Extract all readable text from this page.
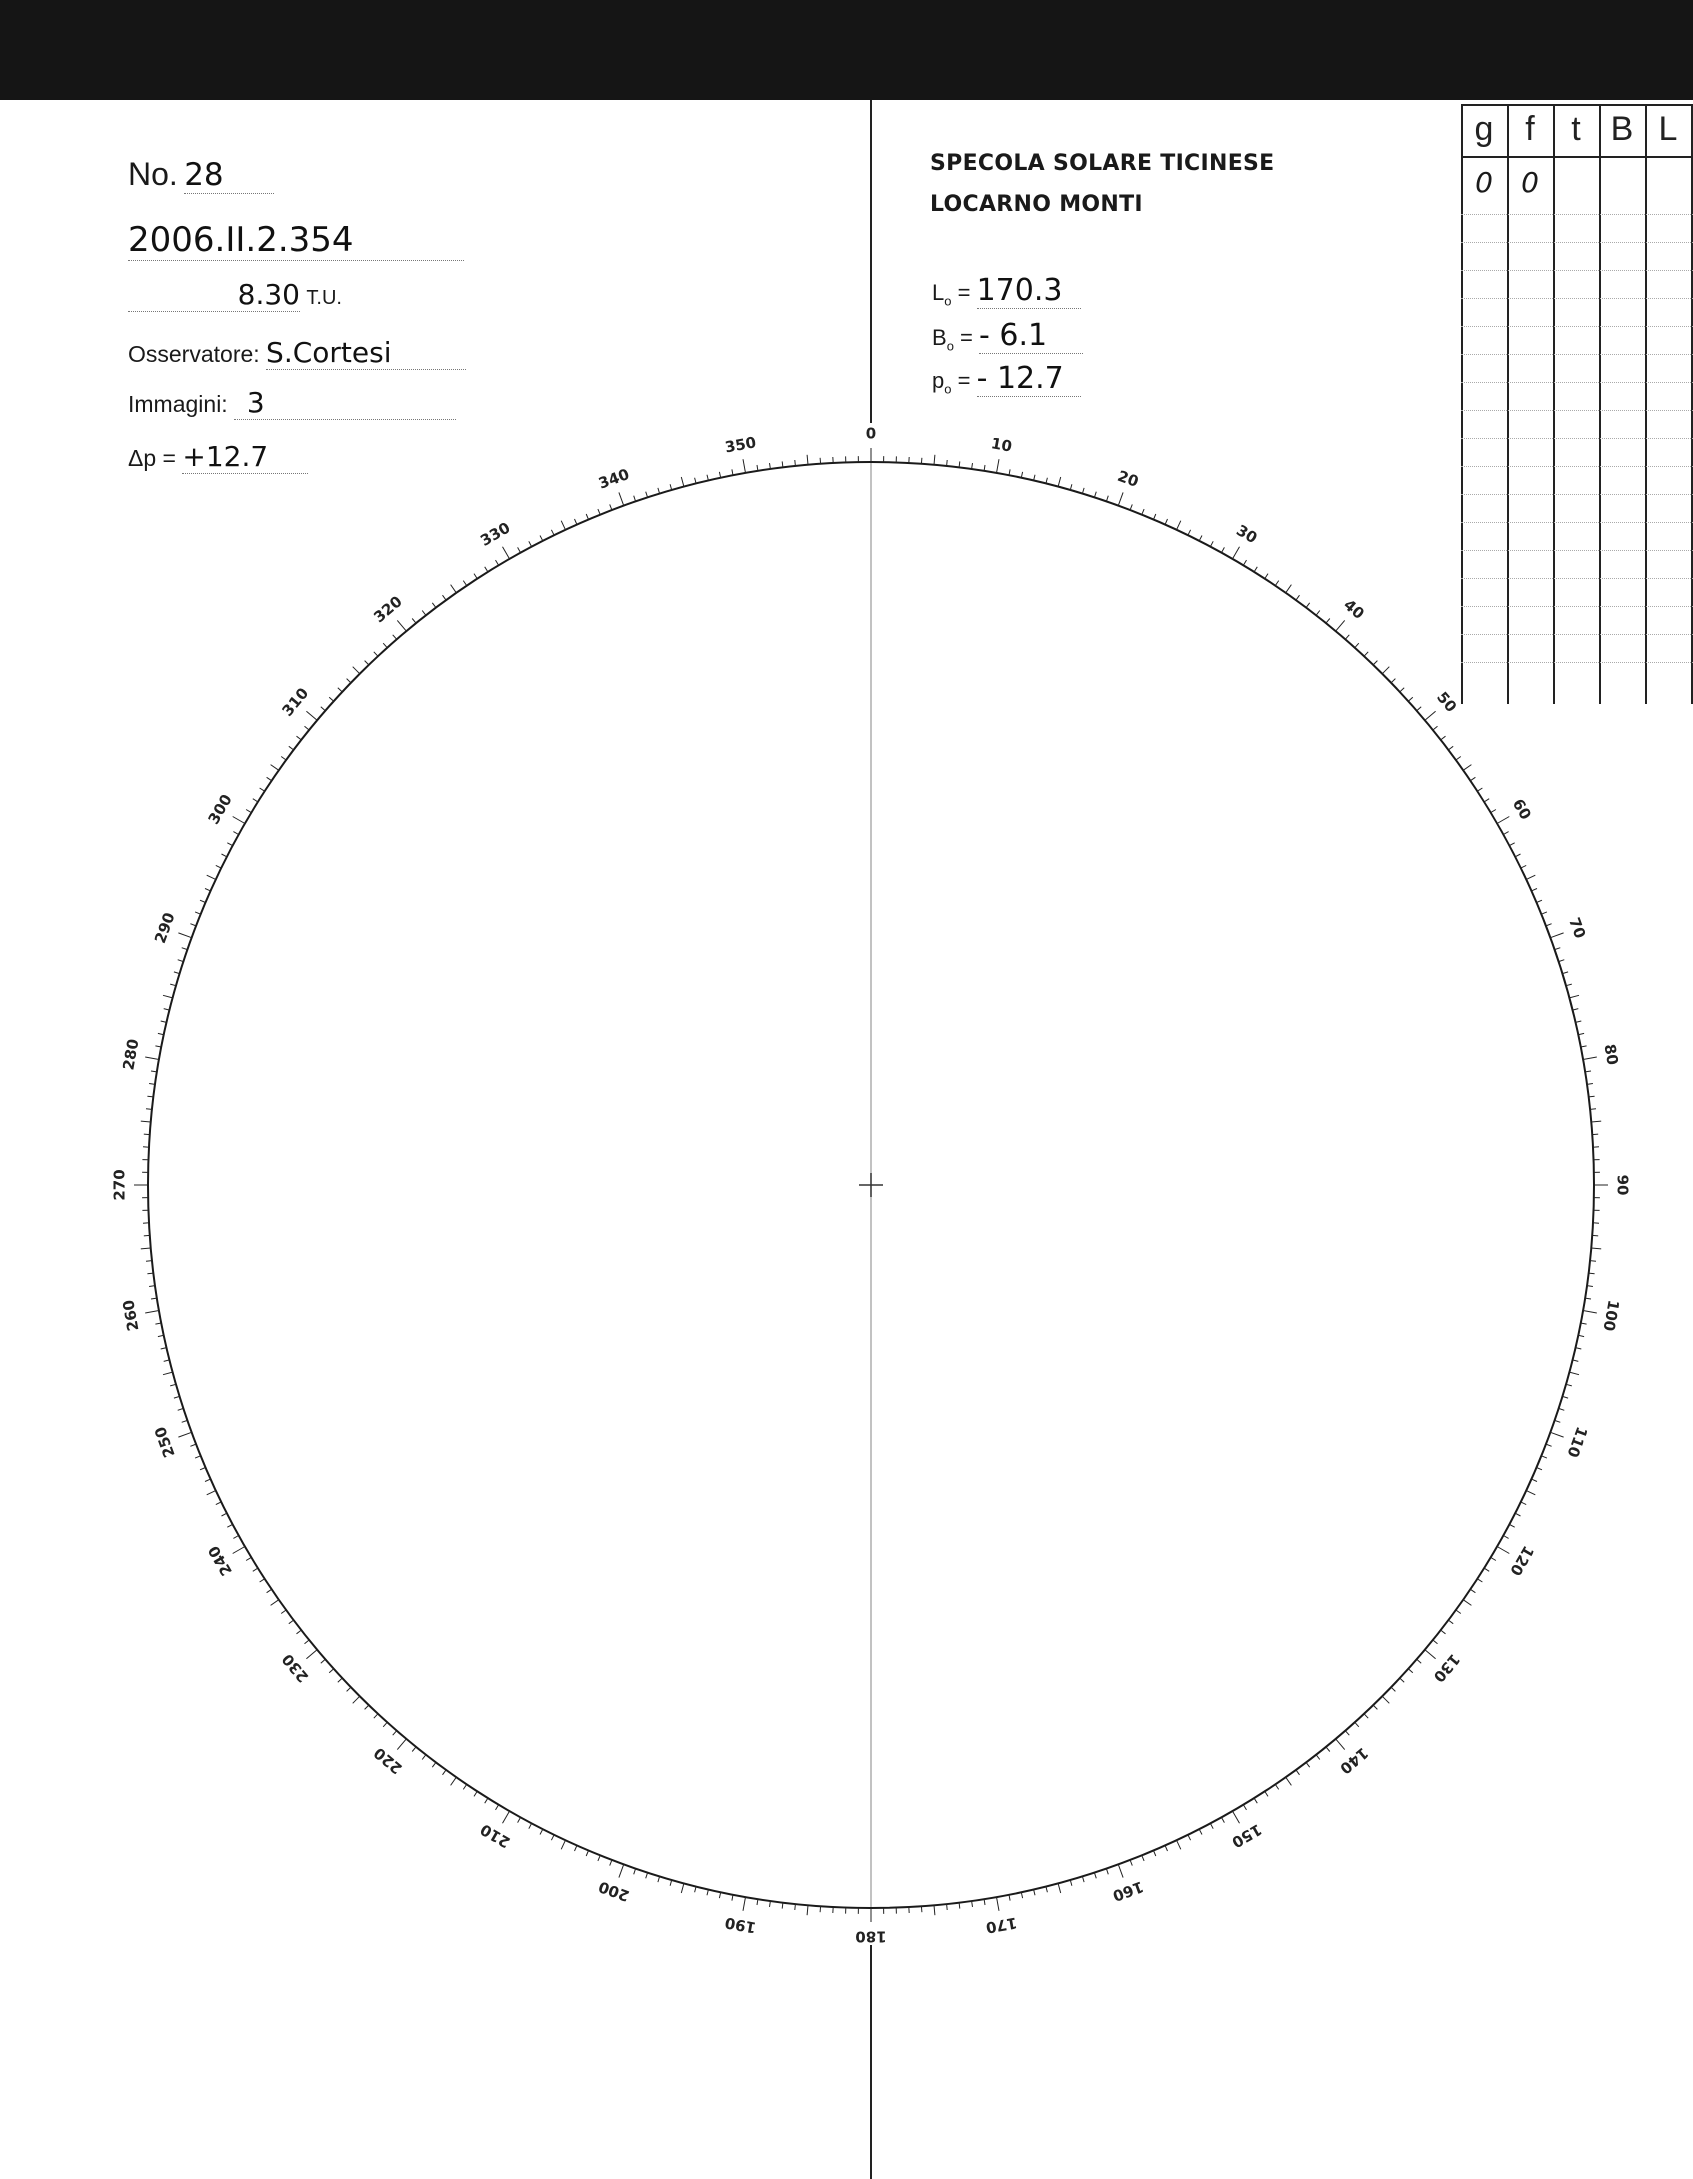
No. 28
2006.II.2.354
8.30 T.U.
Osservatore: S.Cortesi
Immagini: 3
Δp = +12.7
SPECOLA SOLARE TICINESE
LOCARNO MONTI
$L_o = 170.3$
$B_o$ = - 6.1
$p_o$ = - 12.7
g f	t B L
0	0
0
10
20
30
40
50
60
70
80
90
100
110
120
130
140
150
160
170
180
190
200
210
220
230
240
250
260
270
280
290
300
310
320
330
340
350
